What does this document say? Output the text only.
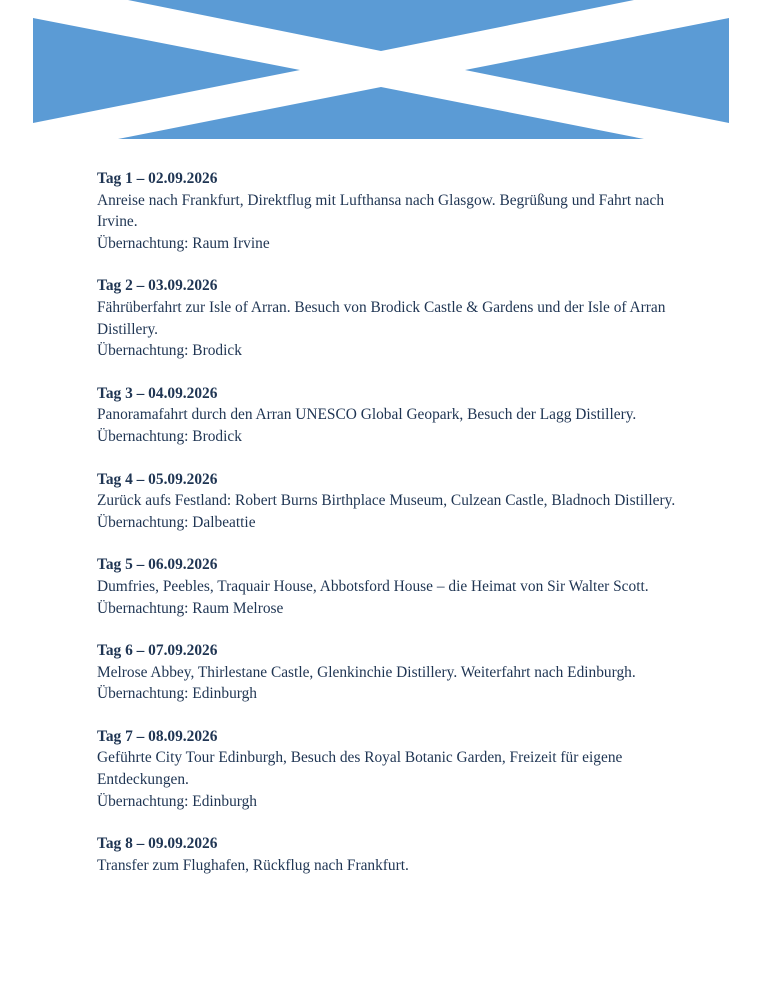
Tag 1 – 02.09.2026
Anreise nach Frankfurt, Direktflug mit Lufthansa nach Glasgow. Begrüßung und Fahrt nach Irvine.
Übernachtung: Raum Irvine
Tag 2 – 03.09.2026
Fährüberfahrt zur Isle of Arran. Besuch von Brodick Castle & Gardens und der Isle of Arran Distillery.
Übernachtung: Brodick
Tag 3 – 04.09.2026
Panoramafahrt durch den Arran UNESCO Global Geopark, Besuch der Lagg Distillery.
Übernachtung: Brodick
Tag 4 – 05.09.2026
Zurück aufs Festland: Robert Burns Birthplace Museum, Culzean Castle, Bladnoch Distillery.
Übernachtung: Dalbeattie
Tag 5 – 06.09.2026
Dumfries, Peebles, Traquair House, Abbotsford House – die Heimat von Sir Walter Scott.
Übernachtung: Raum Melrose
Tag 6 – 07.09.2026
Melrose Abbey, Thirlestane Castle, Glenkinchie Distillery. Weiterfahrt nach Edinburgh.
Übernachtung: Edinburgh
Tag 7 – 08.09.2026
Geführte City Tour Edinburgh, Besuch des Royal Botanic Garden, Freizeit für eigene Entdeckungen.
Übernachtung: Edinburgh
Tag 8 – 09.09.2026
Transfer zum Flughafen, Rückflug nach Frankfurt.
